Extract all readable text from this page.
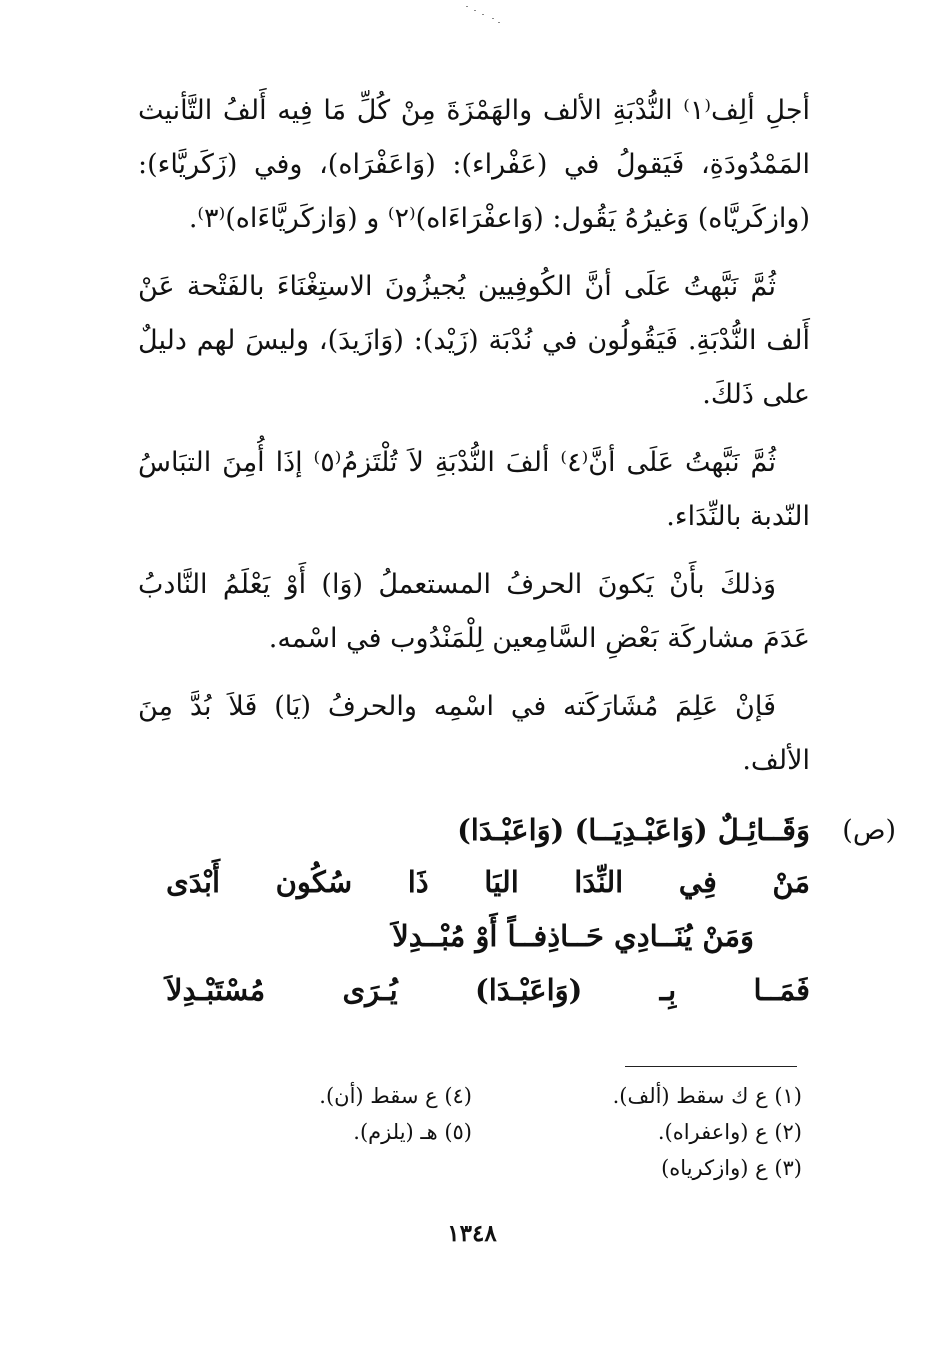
أجلِ ألِف⁽١⁾ النُّدْبَةِ الألف والهَمْزَةَ مِنْ كُلِّ مَا فِيه أَلفُ التَّأنيث المَمْدُودَةِ، فَيَقولُ في (عَفْراء): (وَاعَفْرَاه)، وفي (زَكَريَّاء): (وازكَريَّاه) وَغيرُهُ يَقُول: (وَاعفْرَاءَاه)⁽٢⁾ و (وَازكَريَّاءَاه)⁽٣⁾.

ثُمَّ نَبَّهتُ عَلَى أنَّ الكُوفِيين يُجيزُونَ الاستِغْنَاءَ بالفَتْحة عَنْ أَلف النُّدْبَةِ. فَيَقُولُون في نُدْبَة (زَيْد): (وَازَيدَ)، وليسَ لهم دليلٌ على ذَلكَ.

ثُمَّ نَبَّهتُ عَلَى أنَّ⁽٤⁾ ألفَ النُّدْبَةِ لاَ تُلْتَزمُ⁽٥⁾ إذَا أُمِنَ التبَاسُ النّدبة بالنِّدَاء.

وَذلكَ بأَنْ يَكونَ الحرفُ المستعملُ (وَا) أَوْ يَعْلَمُ النَّادبُ عَدَمَ مشاركَة بَعْضِ السَّامِعين لِلْمَنْدُوب في اسْمه.

فَإنْ عَلِمَ مُشَارَكَته في اسْمِه والحرفُ (يَا) فَلاَ بُدَّ مِنَ الألف.

(ص)
وَقَــائِـلٌ (وَاعَبْـدِيَــا) (وَاعَبْـدَا)
مَنْ فِي النِّدَا اليَا ذَا سُكُون أَبْدَى
وَمَنْ يُنَــادِي حَــاذِفــاً أَوْ مُبْــدِلاَ
فَمَــا بِـ (وَاعَبْـدَا) يُـرَى مُسْتَبْـدِلاَ
(١) ع ك سقط (ألف).
(٢) ع (واعفراه).
(٣) ع (وازكرياه)
(٤) ع سقط (أن).
(٥) هـ (يلزم).
١٣٤٨
